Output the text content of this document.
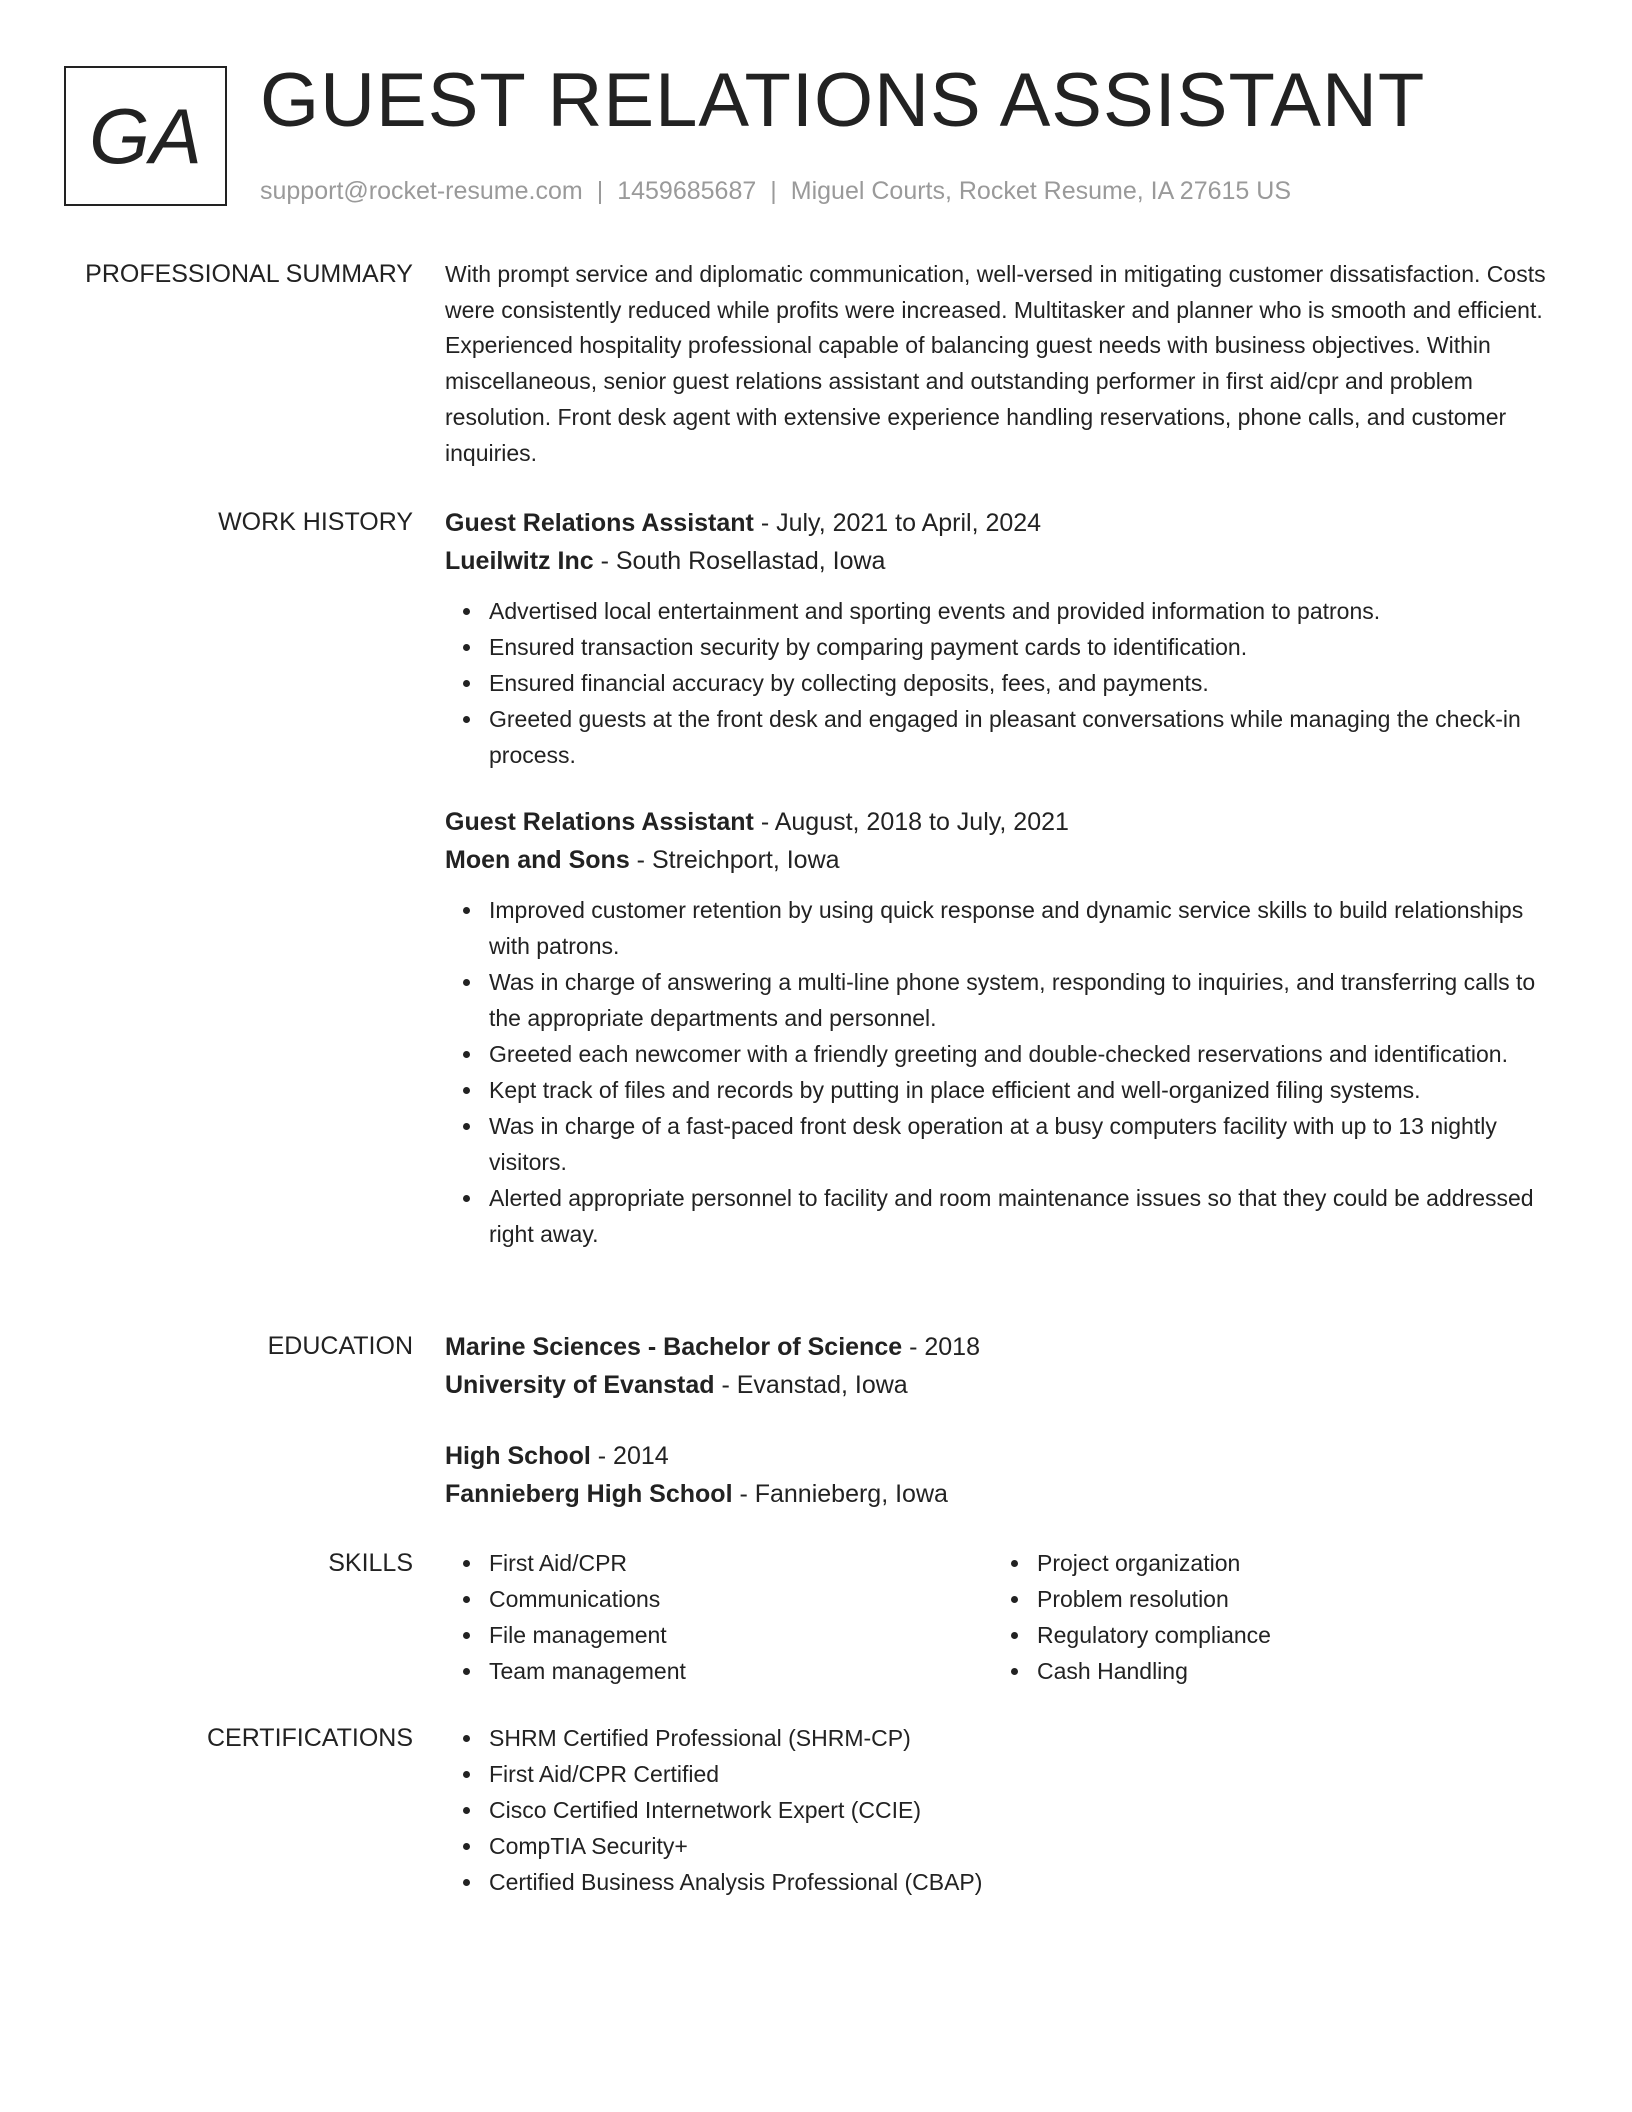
GA GUEST RELATIONS ASSISTANT
support@rocket-resume.com | 1459685687 | Miguel Courts, Rocket Resume, IA 27615 US
PROFESSIONAL SUMMARY With prompt service and diplomatic communication, well-versed in mitigating customer dissatisfaction. Costs were consistently reduced while profits were increased. Multitasker and planner who is smooth and efficient. Experienced hospitality professional capable of balancing guest needs with business objectives. Within miscellaneous, senior guest relations assistant and outstanding performer in first aid/cpr and problem resolution. Front desk agent with extensive experience handling reservations, phone calls, and customer inquiries.

WORK HISTORY Guest Relations Assistant - July, 2021 to April, 2024
Lueilwitz Inc - South Rosellastad, Iowa
Advertised local entertainment and sporting events and provided information to patrons.
Ensured transaction security by comparing payment cards to identification.
Ensured financial accuracy by collecting deposits, fees, and payments.
Greeted guests at the front desk and engaged in pleasant conversations while managing the check-in process.
Guest Relations Assistant - August, 2018 to July, 2021
Moen and Sons - Streichport, Iowa
Improved customer retention by using quick response and dynamic service skills to build relationships with patrons.
Was in charge of answering a multi-line phone system, responding to inquiries, and transferring calls to the appropriate departments and personnel.
Greeted each newcomer with a friendly greeting and double-checked reservations and identification.
Kept track of files and records by putting in place efficient and well-organized filing systems.
Was in charge of a fast-paced front desk operation at a busy computers facility with up to 13 nightly visitors.
Alerted appropriate personnel to facility and room maintenance issues so that they could be addressed right away.
EDUCATION Marine Sciences - Bachelor of Science - 2018
University of Evanstad - Evanstad, Iowa
High School - 2014
Fannieberg High School - Fannieberg, Iowa
SKILLS	First Aid/CPR
Communications
File management
Team management
Project organization
Problem resolution
Regulatory compliance
Cash Handling
CERTIFICATIONS	SHRM Certified Professional (SHRM-CP)
First Aid/CPR Certified
Cisco Certified Internetwork Expert (CCIE)
CompTIA Security+
Certified Business Analysis Professional (CBAP)
